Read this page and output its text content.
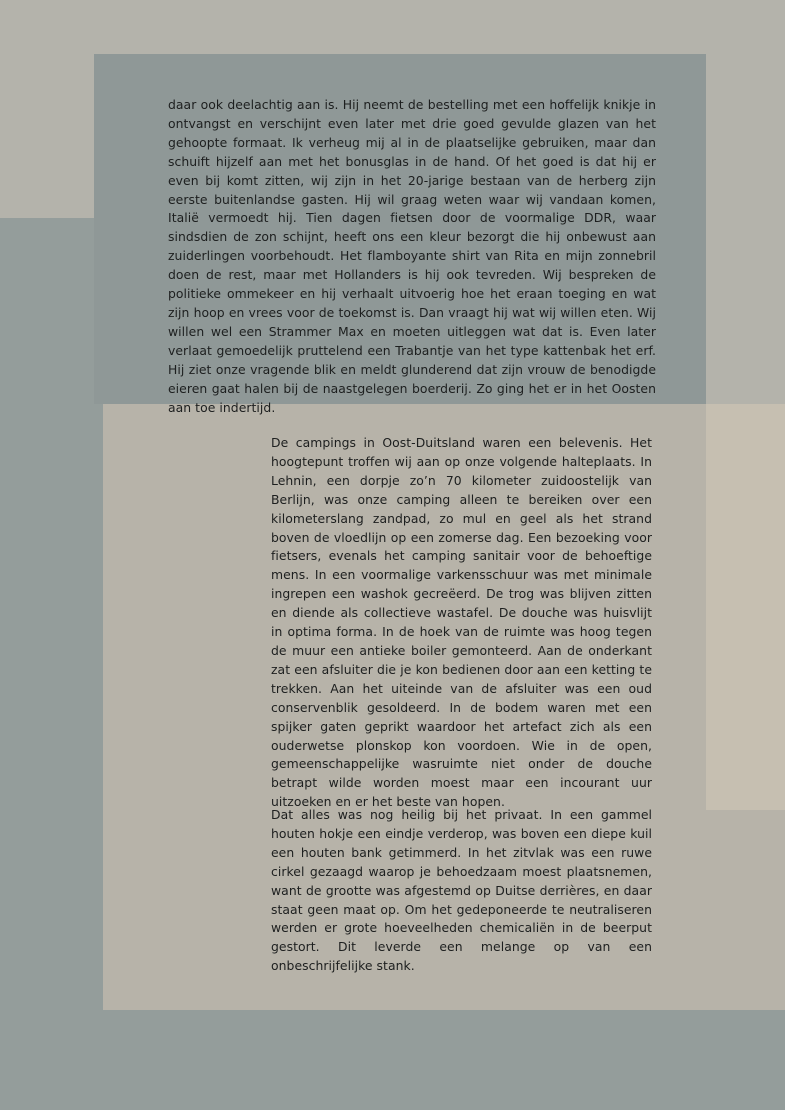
daar ook deelachtig aan is. Hij neemt de bestelling met een hoffelijk knikje in ontvangst en verschijnt even later met drie goed gevulde glazen van het gehoopte formaat. Ik verheug mij al in de plaatselijke gebruiken, maar dan schuift hijzelf aan met het bonusglas in de hand. Of het goed is dat hij er even bij komt zitten, wij zijn in het 20-jarige bestaan van de herberg zijn eerste buitenlandse gasten. Hij wil graag weten waar wij vandaan komen, Italië vermoedt hij. Tien dagen fietsen door de voormalige DDR, waar sindsdien de zon schijnt, heeft ons een kleur bezorgt die hij onbewust aan zuiderlingen voorbehoudt. Het flamboyante shirt van Rita en mijn zonnebril doen de rest, maar met Hollanders is hij ook tevreden. Wij bespreken de politieke ommekeer en hij verhaalt uitvoerig hoe het eraan toeging en wat zijn hoop en vrees voor de toekomst is. Dan vraagt hij wat wij willen eten. Wij willen wel een Strammer Max en moeten uitleggen wat dat is. Even later verlaat gemoedelijk pruttelend een Trabantje van het type kattenbak het erf. Hij ziet onze vragende blik en meldt glunderend dat zijn vrouw de benodigde eieren gaat halen bij de naastgelegen boerderij. Zo ging het er in het Oosten aan toe indertijd.

De campings in Oost-Duitsland waren een belevenis. Het hoogtepunt troffen wij aan op onze volgende halteplaats. In Lehnin, een dorpje zo’n 70 kilometer zuidoostelijk van Berlijn, was onze camping alleen te bereiken over een kilometerslang zandpad, zo mul en geel als het strand boven de vloedlijn op een zomerse dag. Een bezoeking voor fietsers, evenals het camping sanitair voor de behoeftige mens. In een voormalige varkensschuur was met minimale ingrepen een washok gecreëerd. De trog was blijven zitten en diende als collectieve wastafel. De douche was huisvlijt in optima forma. In de hoek van de ruimte was hoog tegen de muur een antieke boiler gemonteerd. Aan de onderkant zat een afsluiter die je kon bedienen door aan een ketting te trekken. Aan het uiteinde van de afsluiter was een oud conservenblik gesoldeerd. In de bodem waren met een spijker gaten geprikt waardoor het artefact zich als een ouderwetse plonskop kon voordoen. Wie in de open, gemeenschappelijke wasruimte niet onder de douche betrapt wilde worden moest maar een incourant uur uitzoeken en er het beste van hopen.

Dat alles was nog heilig bij het privaat. In een gammel houten hokje een eindje verderop, was boven een diepe kuil een houten bank getimmerd. In het zitvlak was een ruwe cirkel gezaagd waarop je behoedzaam moest plaatsnemen, want de grootte was afgestemd op Duitse derrières, en daar staat geen maat op. Om het gedeponeerde te neutraliseren werden er grote hoeveelheden chemicaliën in de beerput gestort. Dit leverde een melange op van een onbeschrijfelijke stank.
